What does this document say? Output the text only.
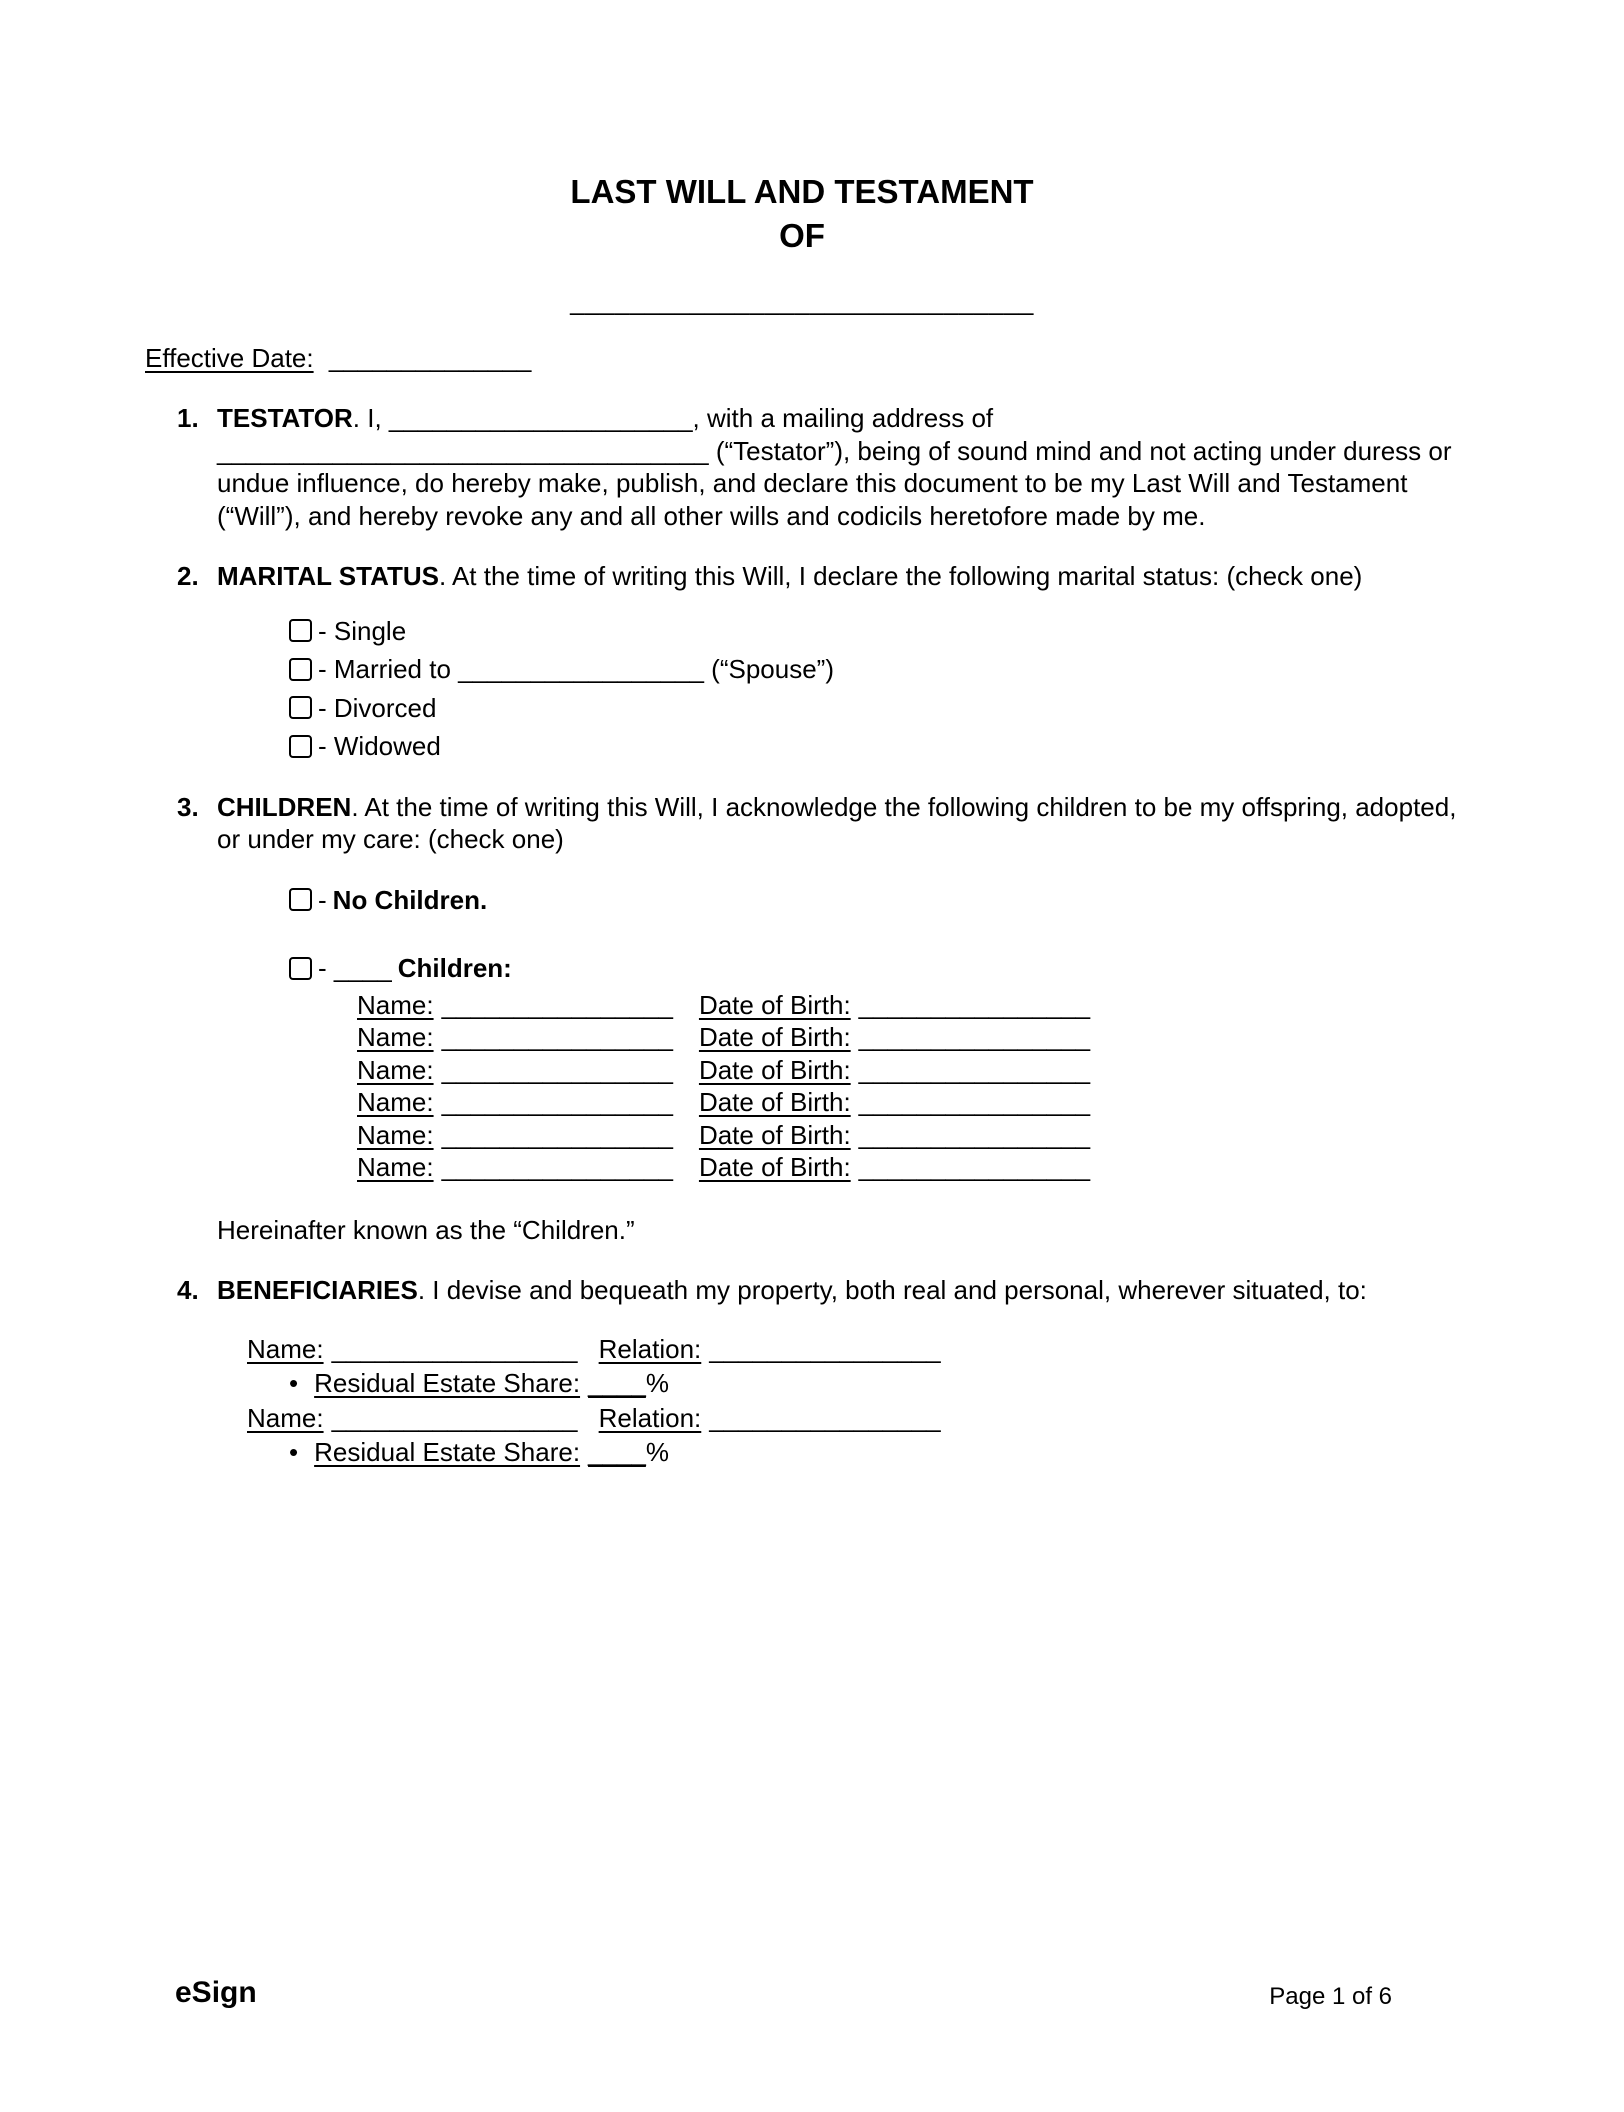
LAST WILL AND TESTAMENT
OF
_______________________________
Effective Date: ______________
1. TESTATOR. I, _____________________, with a mailing address of __________________________________ (“Testator”), being of sound mind and not acting under duress or undue influence, do hereby make, publish, and declare this document to be my Last Will and Testament (“Will”), and hereby revoke any and all other wills and codicils heretofore made by me.
2. MARITAL STATUS. At the time of writing this Will, I declare the following marital status: (check one)
- Single
- Married to _________________ (“Spouse”)
- Divorced
- Widowed
3. CHILDREN. At the time of writing this Will, I acknowledge the following children to be my offspring, adopted, or under my care: (check one)
- No Children.
- ____ Children:
Name: ________________ Date of Birth: ________________
Name: ________________ Date of Birth: ________________
Name: ________________ Date of Birth: ________________
Name: ________________ Date of Birth: ________________
Name: ________________ Date of Birth: ________________
Name: ________________ Date of Birth: ________________
Hereinafter known as the “Children.”
4. BENEFICIARIES. I devise and bequeath my property, both real and personal, wherever situated, to:
Name: _________________ Relation: ________________
• Residual Estate Share: ____%
Name: _________________ Relation: ________________
• Residual Estate Share: ____%
eSign	Page 1 of 6
